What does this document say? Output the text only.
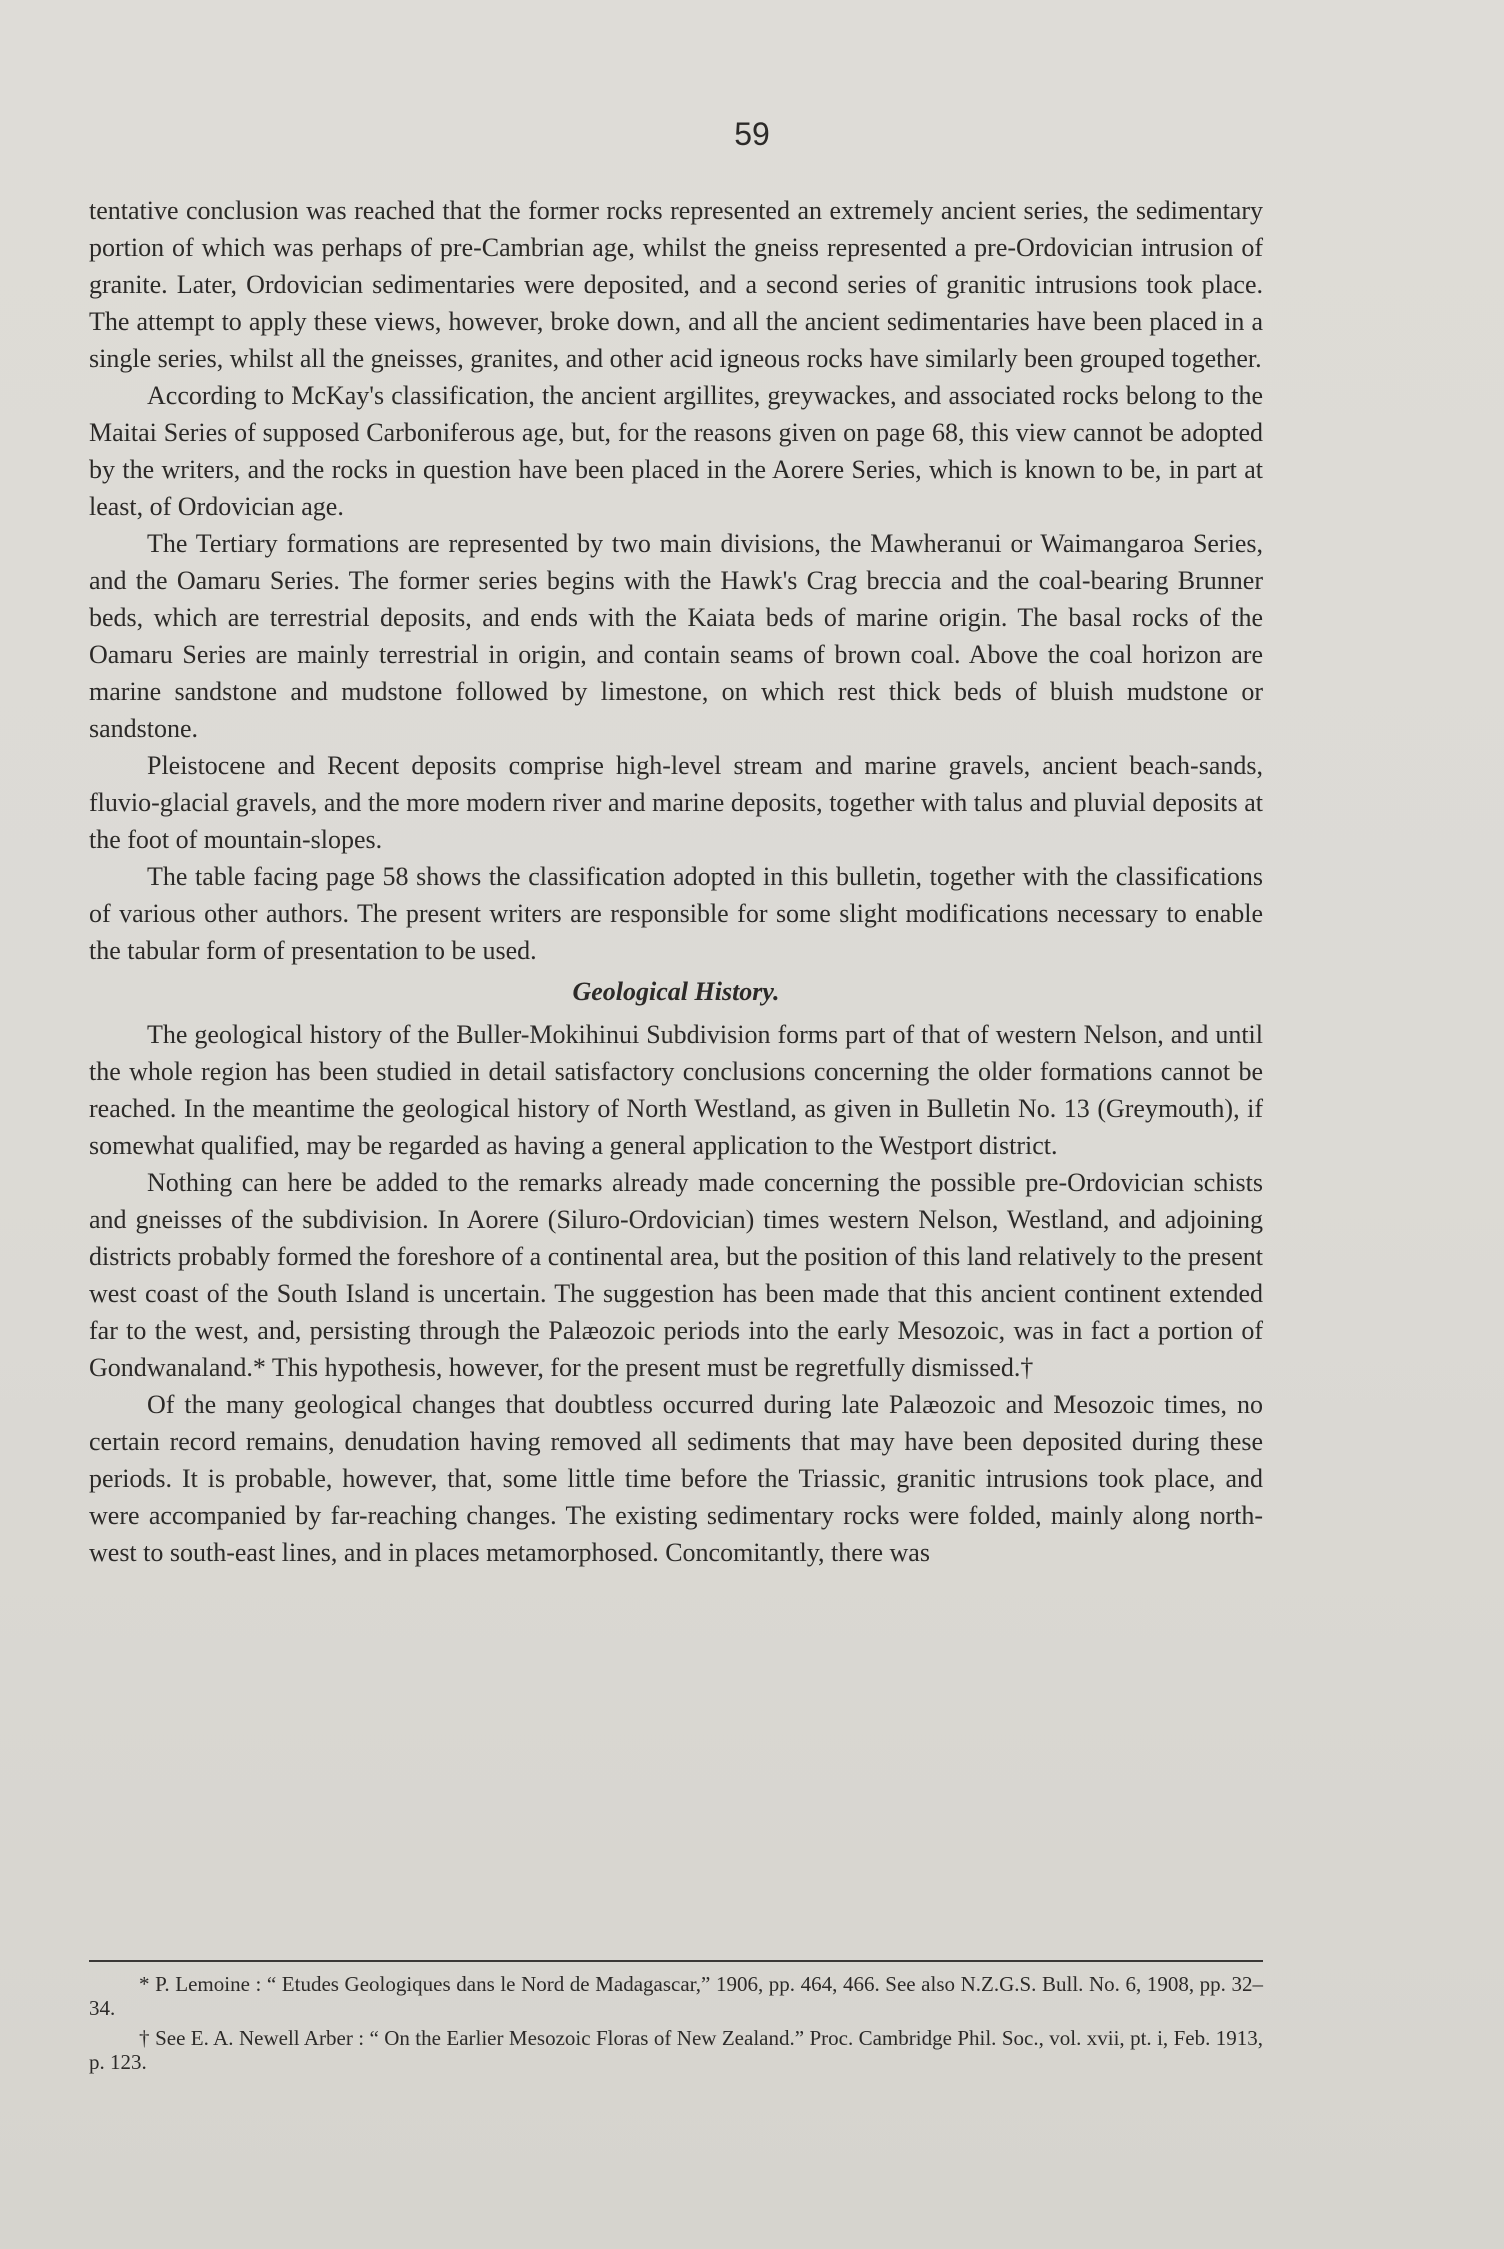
59

tentative conclusion was reached that the former rocks represented an extremely ancient series, the sedimentary portion of which was perhaps of pre-Cambrian age, whilst the gneiss represented a pre-Ordovician intrusion of granite. Later, Ordovician sedimentaries were deposited, and a second series of granitic intrusions took place. The attempt to apply these views, however, broke down, and all the ancient sedimentaries have been placed in a single series, whilst all the gneisses, granites, and other acid igneous rocks have similarly been grouped together.

According to McKay's classification, the ancient argillites, greywackes, and associated rocks belong to the Maitai Series of supposed Carboniferous age, but, for the reasons given on page 68, this view cannot be adopted by the writers, and the rocks in question have been placed in the Aorere Series, which is known to be, in part at least, of Ordovician age.

The Tertiary formations are represented by two main divisions, the Mawheranui or Waimangaroa Series, and the Oamaru Series. The former series begins with the Hawk's Crag breccia and the coal-bearing Brunner beds, which are terrestrial deposits, and ends with the Kaiata beds of marine origin. The basal rocks of the Oamaru Series are mainly terrestrial in origin, and contain seams of brown coal. Above the coal horizon are marine sandstone and mudstone followed by limestone, on which rest thick beds of bluish mudstone or sandstone.

Pleistocene and Recent deposits comprise high-level stream and marine gravels, ancient beach-sands, fluvio-glacial gravels, and the more modern river and marine deposits, together with talus and pluvial deposits at the foot of mountain-slopes.

The table facing page 58 shows the classification adopted in this bulletin, together with the classifications of various other authors. The present writers are responsible for some slight modifications necessary to enable the tabular form of presentation to be used.

Geological History.

The geological history of the Buller-Mokihinui Subdivision forms part of that of western Nelson, and until the whole region has been studied in detail satisfactory conclusions concerning the older formations cannot be reached. In the meantime the geological history of North Westland, as given in Bulletin No. 13 (Greymouth), if somewhat qualified, may be regarded as having a general application to the Westport district.

Nothing can here be added to the remarks already made concerning the possible pre-Ordovician schists and gneisses of the subdivision. In Aorere (Siluro-Ordovician) times western Nelson, Westland, and adjoining districts probably formed the foreshore of a continental area, but the position of this land relatively to the present west coast of the South Island is uncertain. The suggestion has been made that this ancient continent extended far to the west, and, persisting through the Palæozoic periods into the early Mesozoic, was in fact a portion of Gondwanaland.* This hypothesis, however, for the present must be regretfully dismissed.†

Of the many geological changes that doubtless occurred during late Palæozoic and Mesozoic times, no certain record remains, denudation having removed all sediments that may have been deposited during these periods. It is probable, however, that, some little time before the Triassic, granitic intrusions took place, and were accompanied by far-reaching changes. The existing sedimentary rocks were folded, mainly along north-west to south-east lines, and in places metamorphosed. Concomitantly, there was

* P. Lemoine : “ Etudes Geologiques dans le Nord de Madagascar,” 1906, pp. 464, 466. See also N.Z.G.S. Bull. No. 6, 1908, pp. 32–34.

† See E. A. Newell Arber : “ On the Earlier Mesozoic Floras of New Zealand.” Proc. Cambridge Phil. Soc., vol. xvii, pt. i, Feb. 1913, p. 123.
